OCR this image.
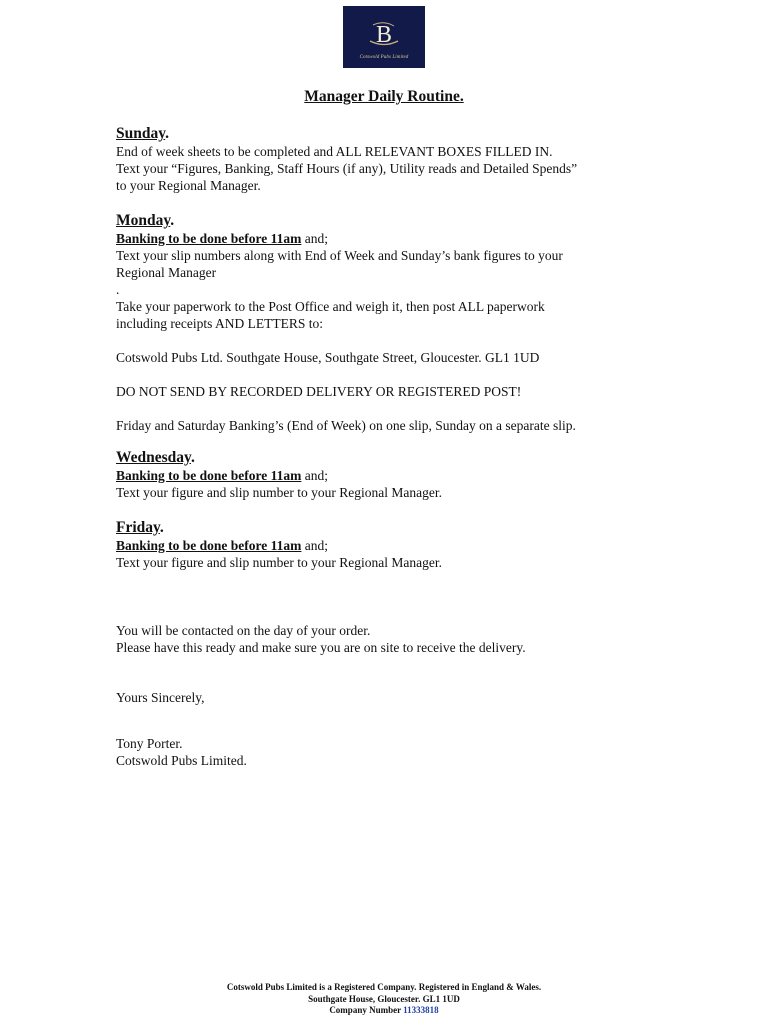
B
Cotswold Pubs Limited
Manager Daily Routine.
Sunday.
End of week sheets to be completed and ALL RELEVANT BOXES FILLED IN.
Text your “Figures, Banking, Staff Hours (if any), Utility reads and Detailed Spends”
to your Regional Manager.
Monday.
Banking to be done before 11am and;
Text your slip numbers along with End of Week and Sunday’s bank figures to your
Regional Manager
.
Take your paperwork to the Post Office and weigh it, then post ALL paperwork
including receipts AND LETTERS to:
Cotswold Pubs Ltd. Southgate House, Southgate Street, Gloucester. GL1 1UD
DO NOT SEND BY RECORDED DELIVERY OR REGISTERED POST!
Friday and Saturday Banking’s (End of Week) on one slip, Sunday on a separate slip.
Wednesday.
Banking to be done before 11am and;
Text your figure and slip number to your Regional Manager.
Friday.
Banking to be done before 11am and;
Text your figure and slip number to your Regional Manager.
You will be contacted on the day of your order.
Please have this ready and make sure you are on site to receive the delivery.
Yours Sincerely,
Tony Porter.
Cotswold Pubs Limited.
Cotswold Pubs Limited is a Registered Company. Registered in England & Wales.
Southgate House, Gloucester. GL1 1UD
Company Number 11333818
